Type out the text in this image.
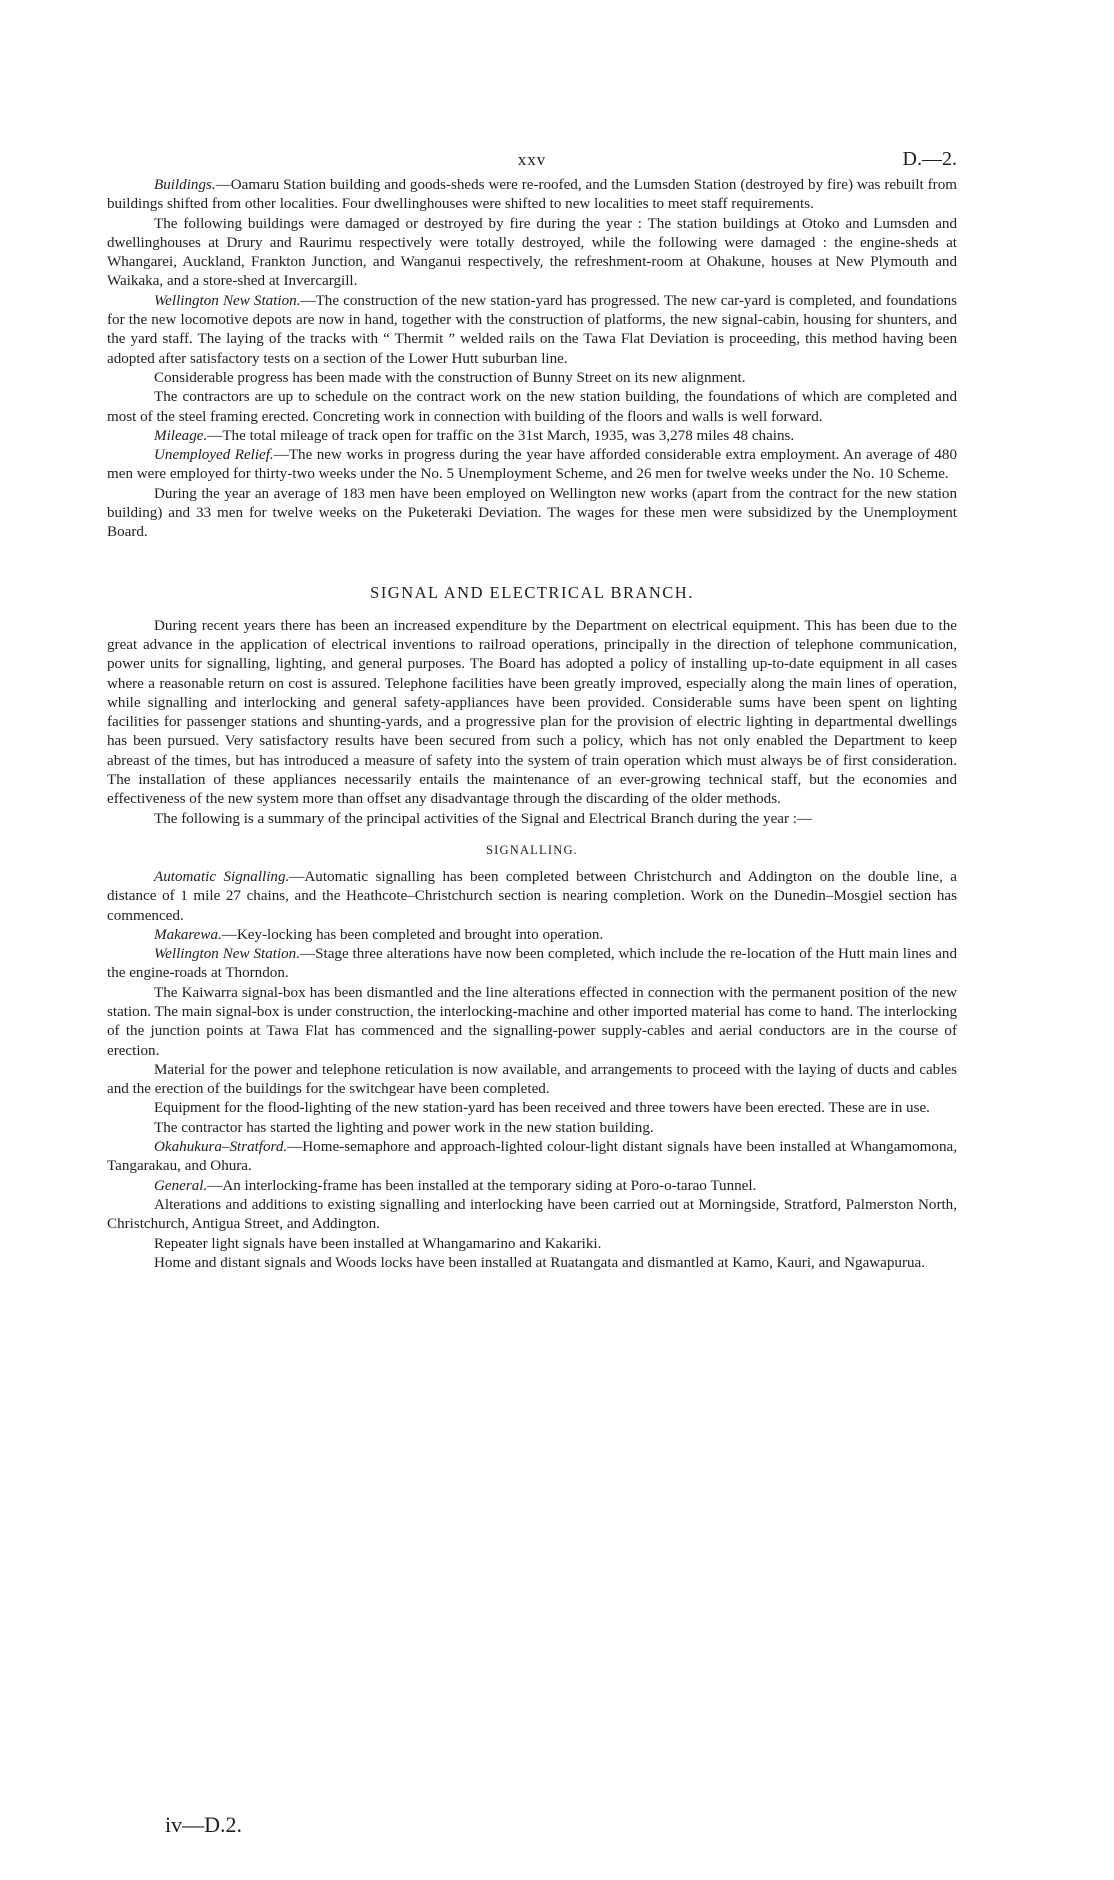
xxv	D.—2.

Buildings.—Oamaru Station building and goods-sheds were re-roofed, and the Lumsden Station (destroyed by fire) was rebuilt from buildings shifted from other localities. Four dwellinghouses were shifted to new localities to meet staff requirements.

The following buildings were damaged or destroyed by fire during the year : The station buildings at Otoko and Lumsden and dwellinghouses at Drury and Raurimu respectively were totally destroyed, while the following were damaged : the engine-sheds at Whangarei, Auckland, Frankton Junction, and Wanganui respectively, the refreshment-room at Ohakune, houses at New Plymouth and Waikaka, and a store-shed at Invercargill.

Wellington New Station.—The construction of the new station-yard has progressed. The new car-yard is completed, and foundations for the new locomotive depots are now in hand, together with the construction of platforms, the new signal-cabin, housing for shunters, and the yard staff. The laying of the tracks with “ Thermit ” welded rails on the Tawa Flat Deviation is proceeding, this method having been adopted after satisfactory tests on a section of the Lower Hutt suburban line.

Considerable progress has been made with the construction of Bunny Street on its new alignment.

The contractors are up to schedule on the contract work on the new station building, the foundations of which are completed and most of the steel framing erected. Concreting work in connection with building of the floors and walls is well forward.

Mileage.—The total mileage of track open for traffic on the 31st March, 1935, was 3,278 miles 48 chains.

Unemployed Relief.—The new works in progress during the year have afforded considerable extra employment. An average of 480 men were employed for thirty-two weeks under the No. 5 Unemployment Scheme, and 26 men for twelve weeks under the No. 10 Scheme.

During the year an average of 183 men have been employed on Wellington new works (apart from the contract for the new station building) and 33 men for twelve weeks on the Puketeraki Deviation. The wages for these men were subsidized by the Unemployment Board.

SIGNAL AND ELECTRICAL BRANCH.

During recent years there has been an increased expenditure by the Department on electrical equipment. This has been due to the great advance in the application of electrical inventions to railroad operations, principally in the direction of telephone communication, power units for signalling, lighting, and general purposes. The Board has adopted a policy of installing up-to-date equipment in all cases where a reasonable return on cost is assured. Telephone facilities have been greatly improved, especially along the main lines of operation, while signalling and interlocking and general safety-appliances have been provided. Considerable sums have been spent on lighting facilities for passenger stations and shunting-yards, and a progressive plan for the provision of electric lighting in departmental dwellings has been pursued. Very satisfactory results have been secured from such a policy, which has not only enabled the Department to keep abreast of the times, but has introduced a measure of safety into the system of train operation which must always be of first consideration. The installation of these appliances necessarily entails the maintenance of an ever-growing technical staff, but the economies and effectiveness of the new system more than offset any disadvantage through the discarding of the older methods.

The following is a summary of the principal activities of the Signal and Electrical Branch during the year :—

SIGNALLING.

Automatic Signalling.—Automatic signalling has been completed between Christchurch and Addington on the double line, a distance of 1 mile 27 chains, and the Heathcote–Christchurch section is nearing completion. Work on the Dunedin–Mosgiel section has commenced.

Makarewa.—Key-locking has been completed and brought into operation.

Wellington New Station.—Stage three alterations have now been completed, which include the re-location of the Hutt main lines and the engine-roads at Thorndon.

The Kaiwarra signal-box has been dismantled and the line alterations effected in connection with the permanent position of the new station. The main signal-box is under construction, the interlocking-machine and other imported material has come to hand. The interlocking of the junction points at Tawa Flat has commenced and the signalling-power supply-cables and aerial conductors are in the course of erection.

Material for the power and telephone reticulation is now available, and arrangements to proceed with the laying of ducts and cables and the erection of the buildings for the switchgear have been completed.

Equipment for the flood-lighting of the new station-yard has been received and three towers have been erected. These are in use.

The contractor has started the lighting and power work in the new station building.

Okahukura–Stratford.—Home-semaphore and approach-lighted colour-light distant signals have been installed at Whangamomona, Tangarakau, and Ohura.

General.—An interlocking-frame has been installed at the temporary siding at Poro-o-tarao Tunnel.

Alterations and additions to existing signalling and interlocking have been carried out at Morningside, Stratford, Palmerston North, Christchurch, Antigua Street, and Addington.

Repeater light signals have been installed at Whangamarino and Kakariki.

Home and distant signals and Woods locks have been installed at Ruatangata and dismantled at Kamo, Kauri, and Ngawapurua.

iv—D.2.
